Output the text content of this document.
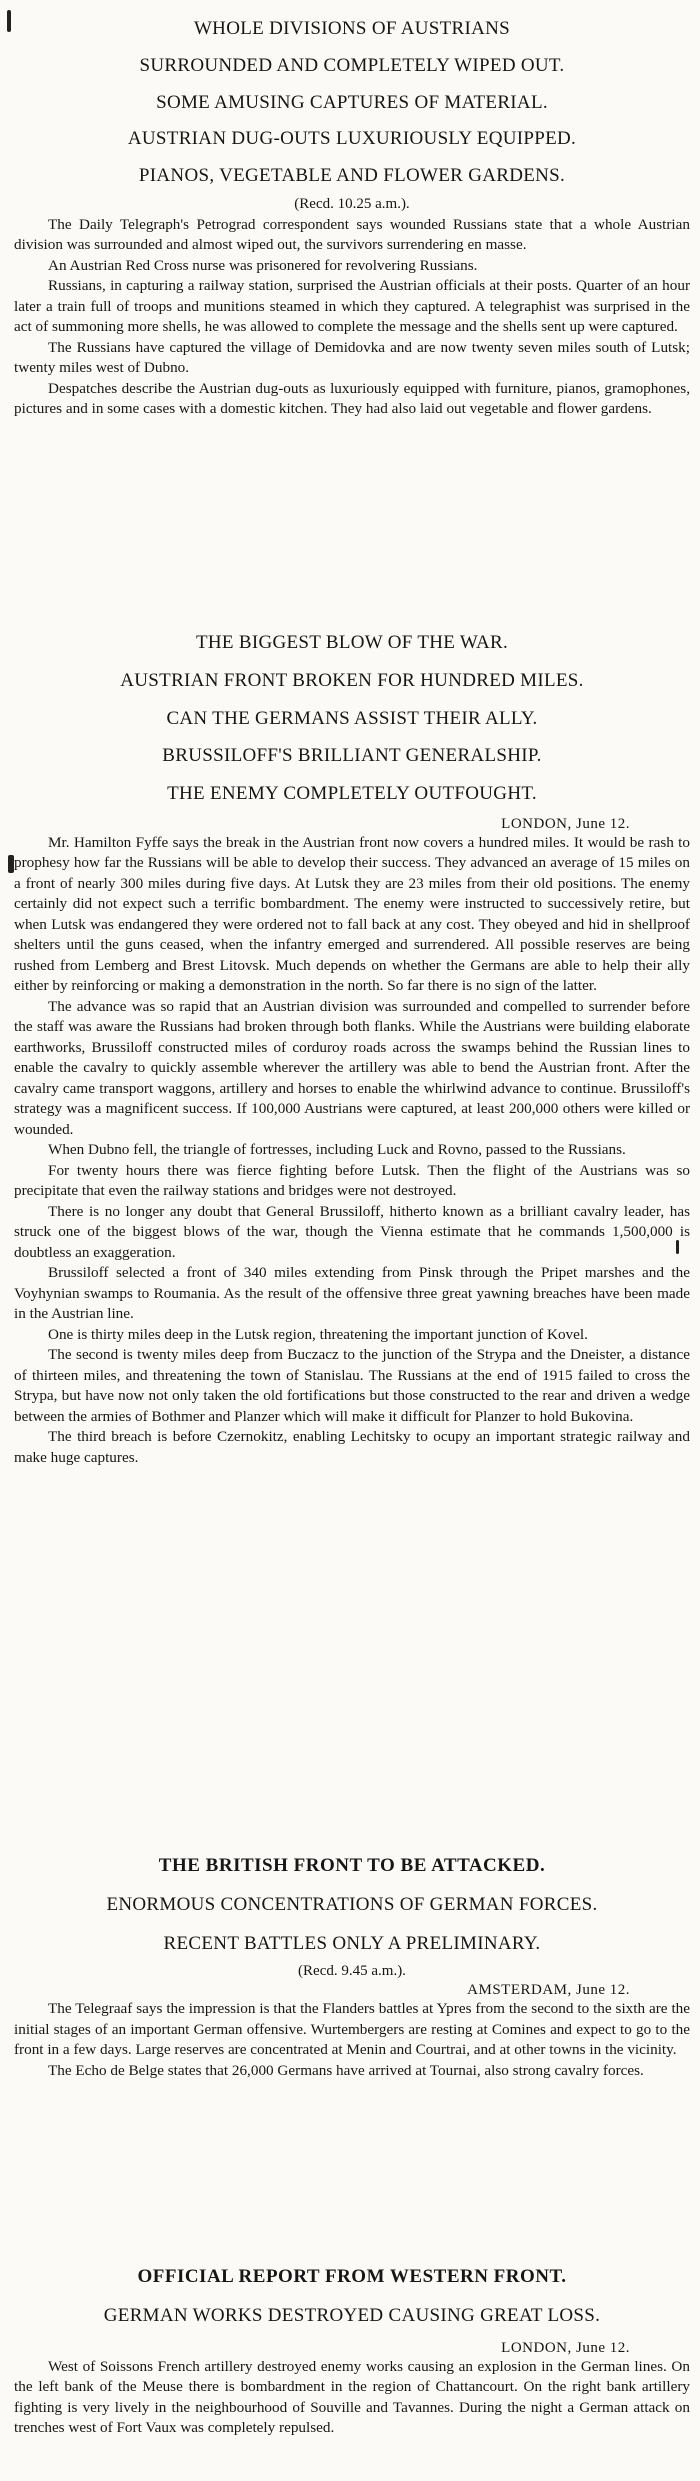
WHOLE DIVISIONS OF AUSTRIANS
SURROUNDED AND COMPLETELY WIPED OUT.
SOME AMUSING CAPTURES OF MATERIAL.
AUSTRIAN DUG-OUTS LUXURIOUSLY EQUIPPED.
PIANOS, VEGETABLE AND FLOWER GARDENS.
(Recd. 10.25 a.m.).

The Daily Telegraph's Petrograd correspondent says wounded Russians state that a whole Austrian division was surrounded and almost wiped out, the survivors surrendering en masse.

An Austrian Red Cross nurse was prisonered for revolvering Russians.

Russians, in capturing a railway station, surprised the Austrian officials at their posts. Quarter of an hour later a train full of troops and munitions steamed in which they captured. A telegraphist was surprised in the act of summoning more shells, he was allowed to complete the message and the shells sent up were captured.

The Russians have captured the village of Demidovka and are now twenty seven miles south of Lutsk; twenty miles west of Dubno.

Despatches describe the Austrian dug-outs as luxuriously equipped with furniture, pianos, gramophones, pictures and in some cases with a domestic kitchen. They had also laid out vegetable and flower gardens.

THE BIGGEST BLOW OF THE WAR.
AUSTRIAN FRONT BROKEN FOR HUNDRED MILES.
CAN THE GERMANS ASSIST THEIR ALLY.
BRUSSILOFF'S BRILLIANT GENERALSHIP.
THE ENEMY COMPLETELY OUTFOUGHT.
LONDON, June 12.

Mr. Hamilton Fyffe says the break in the Austrian front now covers a hundred miles. It would be rash to prophesy how far the Russians will be able to develop their success. They advanced an average of 15 miles on a front of nearly 300 miles during five days. At Lutsk they are 23 miles from their old positions. The enemy certainly did not expect such a terrific bombardment. The enemy were instructed to successively retire, but when Lutsk was endangered they were ordered not to fall back at any cost. They obeyed and hid in shellproof shelters until the guns ceased, when the infantry emerged and surrendered. All possible reserves are being rushed from Lemberg and Brest Litovsk. Much depends on whether the Germans are able to help their ally either by reinforcing or making a demonstration in the north. So far there is no sign of the latter.

The advance was so rapid that an Austrian division was surrounded and compelled to surrender before the staff was aware the Russians had broken through both flanks. While the Austrians were building elaborate earthworks, Brussiloff constructed miles of corduroy roads across the swamps behind the Russian lines to enable the cavalry to quickly assemble wherever the artillery was able to bend the Austrian front. After the cavalry came transport waggons, artillery and horses to enable the whirlwind advance to continue. Brussiloff's strategy was a magnificent success. If 100,000 Austrians were captured, at least 200,000 others were killed or wounded.

When Dubno fell, the triangle of fortresses, including Luck and Rovno, passed to the Russians.

For twenty hours there was fierce fighting before Lutsk. Then the flight of the Austrians was so precipitate that even the railway stations and bridges were not destroyed.

There is no longer any doubt that General Brussiloff, hitherto known as a brilliant cavalry leader, has struck one of the biggest blows of the war, though the Vienna estimate that he commands 1,500,000 is doubtless an exaggeration.

Brussiloff selected a front of 340 miles extending from Pinsk through the Pripet marshes and the Voyhynian swamps to Roumania. As the result of the offensive three great yawning breaches have been made in the Austrian line.

One is thirty miles deep in the Lutsk region, threatening the important junction of Kovel.

The second is twenty miles deep from Buczacz to the junction of the Strypa and the Dneister, a distance of thirteen miles, and threatening the town of Stanislau. The Russians at the end of 1915 failed to cross the Strypa, but have now not only taken the old fortifications but those constructed to the rear and driven a wedge between the armies of Bothmer and Planzer which will make it difficult for Planzer to hold Bukovina.

The third breach is before Czernokitz, enabling Lechitsky to ocupy an important strategic railway and make huge captures.

THE BRITISH FRONT TO BE ATTACKED.
ENORMOUS CONCENTRATIONS OF GERMAN FORCES.
RECENT BATTLES ONLY A PRELIMINARY.
(Recd. 9.45 a.m.).
AMSTERDAM, June 12.

The Telegraaf says the impression is that the Flanders battles at Ypres from the second to the sixth are the initial stages of an important German offensive. Wurtembergers are resting at Comines and expect to go to the front in a few days. Large reserves are concentrated at Menin and Courtrai, and at other towns in the vicinity.

The Echo de Belge states that 26,000 Germans have arrived at Tournai, also strong cavalry forces.

OFFICIAL REPORT FROM WESTERN FRONT.
GERMAN WORKS DESTROYED CAUSING GREAT LOSS.
LONDON, June 12.

West of Soissons French artillery destroyed enemy works causing an explosion in the German lines. On the left bank of the Meuse there is bombardment in the region of Chattancourt. On the right bank artillery fighting is very lively in the neighbourhood of Souville and Tavannes. During the night a German attack on trenches west of Fort Vaux was completely repulsed.
